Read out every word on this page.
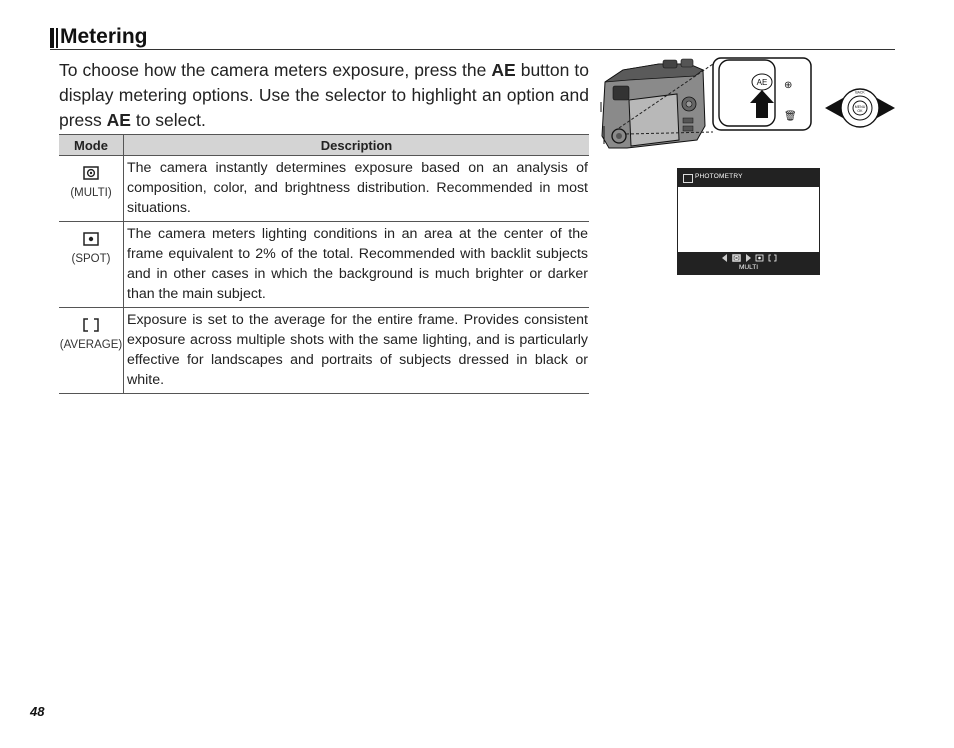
Metering

To choose how the camera meters exposure, press the AE button to display metering options. Use the selector to highlight an option and press AE to select.

Mode	Description

(MULTI)	The camera instantly determines exposure based on an analysis of composition, color, and brightness distribution. Recommended in most situations.

(SPOT)	The camera meters lighting conditions in an area at the center of the frame equivalent to 2% of the total. Recommended with backlit subjects and in other cases in which the background is much brighter or darker than the main subject.

(AVERAGE)	Exposure is set to the average for the entire frame. Provides consistent exposure across multiple shots with the same lighting, and is particularly effective for landscapes and portraits of subjects dressed in black or white.
AE ⊕
🗑
MENU
OK
BACK
PHOTOMETRY
MULTI
48
